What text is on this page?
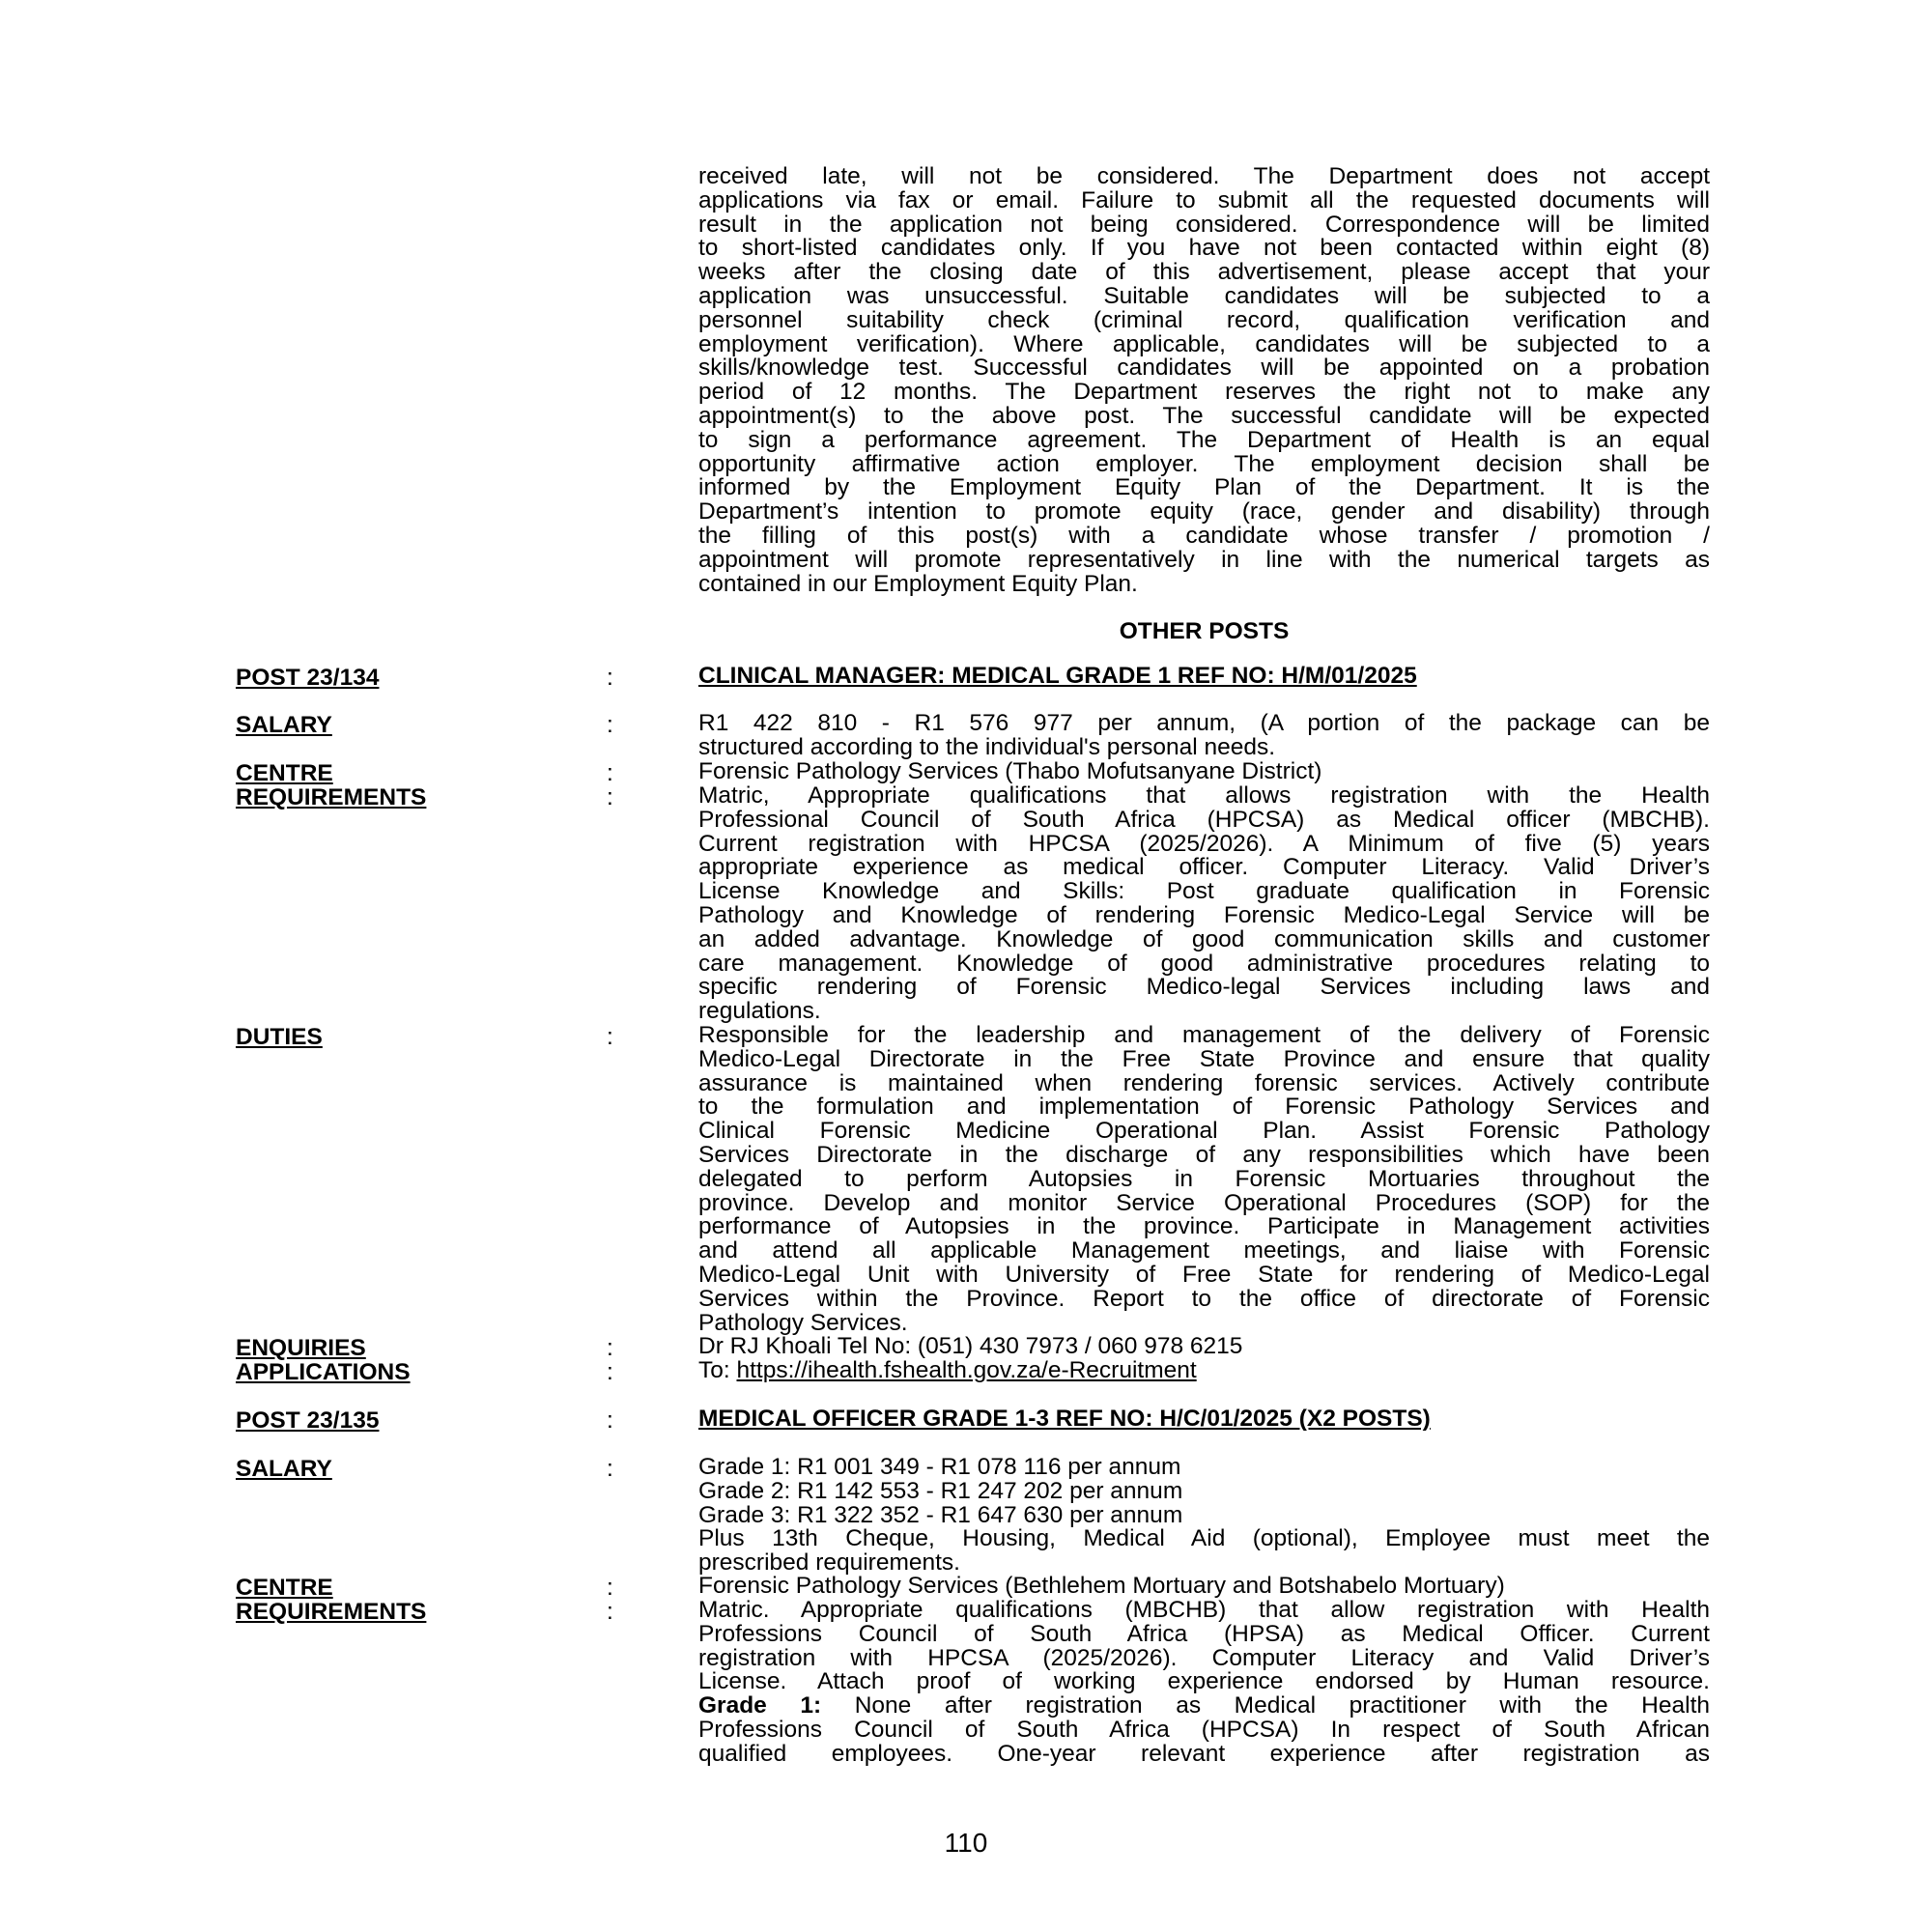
received late, will not be considered. The Department does not accept
applications via fax or email. Failure to submit all the requested documents will
result in the application not being considered. Correspondence will be limited
to short-listed candidates only. If you have not been contacted within eight (8)
weeks after the closing date of this advertisement, please accept that your
application was unsuccessful. Suitable candidates will be subjected to a
personnel suitability check (criminal record, qualification verification and
employment verification). Where applicable, candidates will be subjected to a
skills/knowledge test. Successful candidates will be appointed on a probation
period of 12 months. The Department reserves the right not to make any
appointment(s) to the above post. The successful candidate will be expected
to sign a performance agreement. The Department of Health is an equal
opportunity affirmative action employer. The employment decision shall be
informed by the Employment Equity Plan of the Department. It is the
Department’s intention to promote equity (race, gender and disability) through
the filling of this post(s) with a candidate whose transfer / promotion /
appointment will promote representatively in line with the numerical targets as
contained in our Employment Equity Plan.
OTHER POSTS
POST 23/134	:	CLINICAL MANAGER: MEDICAL GRADE 1 REF NO: H/M/01/2025
SALARY	:	R1 422 810 - R1 576 977 per annum, (A portion of the package can be
structured according to the individual's personal needs.
CENTRE	:	Forensic Pathology Services (Thabo Mofutsanyane District)
REQUIREMENTS	:	Matric, Appropriate qualifications that allows registration with the Health
Professional Council of South Africa (HPCSA) as Medical officer (MBCHB).
Current registration with HPCSA (2025/2026). A Minimum of five (5) years
appropriate experience as medical officer. Computer Literacy. Valid Driver’s
License Knowledge and Skills: Post graduate qualification in Forensic
Pathology and Knowledge of rendering Forensic Medico-Legal Service will be
an added advantage. Knowledge of good communication skills and customer
care management. Knowledge of good administrative procedures relating to
specific rendering of Forensic Medico-legal Services including laws and
regulations.
DUTIES	:	Responsible for the leadership and management of the delivery of Forensic
Medico-Legal Directorate in the Free State Province and ensure that quality
assurance is maintained when rendering forensic services. Actively contribute
to the formulation and implementation of Forensic Pathology Services and
Clinical Forensic Medicine Operational Plan. Assist Forensic Pathology
Services Directorate in the discharge of any responsibilities which have been
delegated to perform Autopsies in Forensic Mortuaries throughout the
province. Develop and monitor Service Operational Procedures (SOP) for the
performance of Autopsies in the province. Participate in Management activities
and attend all applicable Management meetings, and liaise with Forensic
Medico-Legal Unit with University of Free State for rendering of Medico-Legal
Services within the Province. Report to the office of directorate of Forensic
Pathology Services.
ENQUIRIES	:	Dr RJ Khoali Tel No: (051) 430 7973 / 060 978 6215
APPLICATIONS	:	To: https://ihealth.fshealth.gov.za/e-Recruitment
POST 23/135	:	MEDICAL OFFICER GRADE 1-3 REF NO: H/C/01/2025 (X2 POSTS)
SALARY	:	Grade 1: R1 001 349 - R1 078 116 per annum
Grade 2: R1 142 553 - R1 247 202 per annum
Grade 3: R1 322 352 - R1 647 630 per annum
Plus 13th Cheque, Housing, Medical Aid (optional), Employee must meet the
prescribed requirements.
CENTRE	:	Forensic Pathology Services (Bethlehem Mortuary and Botshabelo Mortuary)
REQUIREMENTS	:	Matric. Appropriate qualifications (MBCHB) that allow registration with Health
Professions Council of South Africa (HPSA) as Medical Officer. Current
registration with HPCSA (2025/2026). Computer Literacy and Valid Driver’s
License. Attach proof of working experience endorsed by Human resource.
Grade 1: None after registration as Medical practitioner with the Health
Professions Council of South Africa (HPCSA) In respect of South African
qualified employees. One-year relevant experience after registration as
110
